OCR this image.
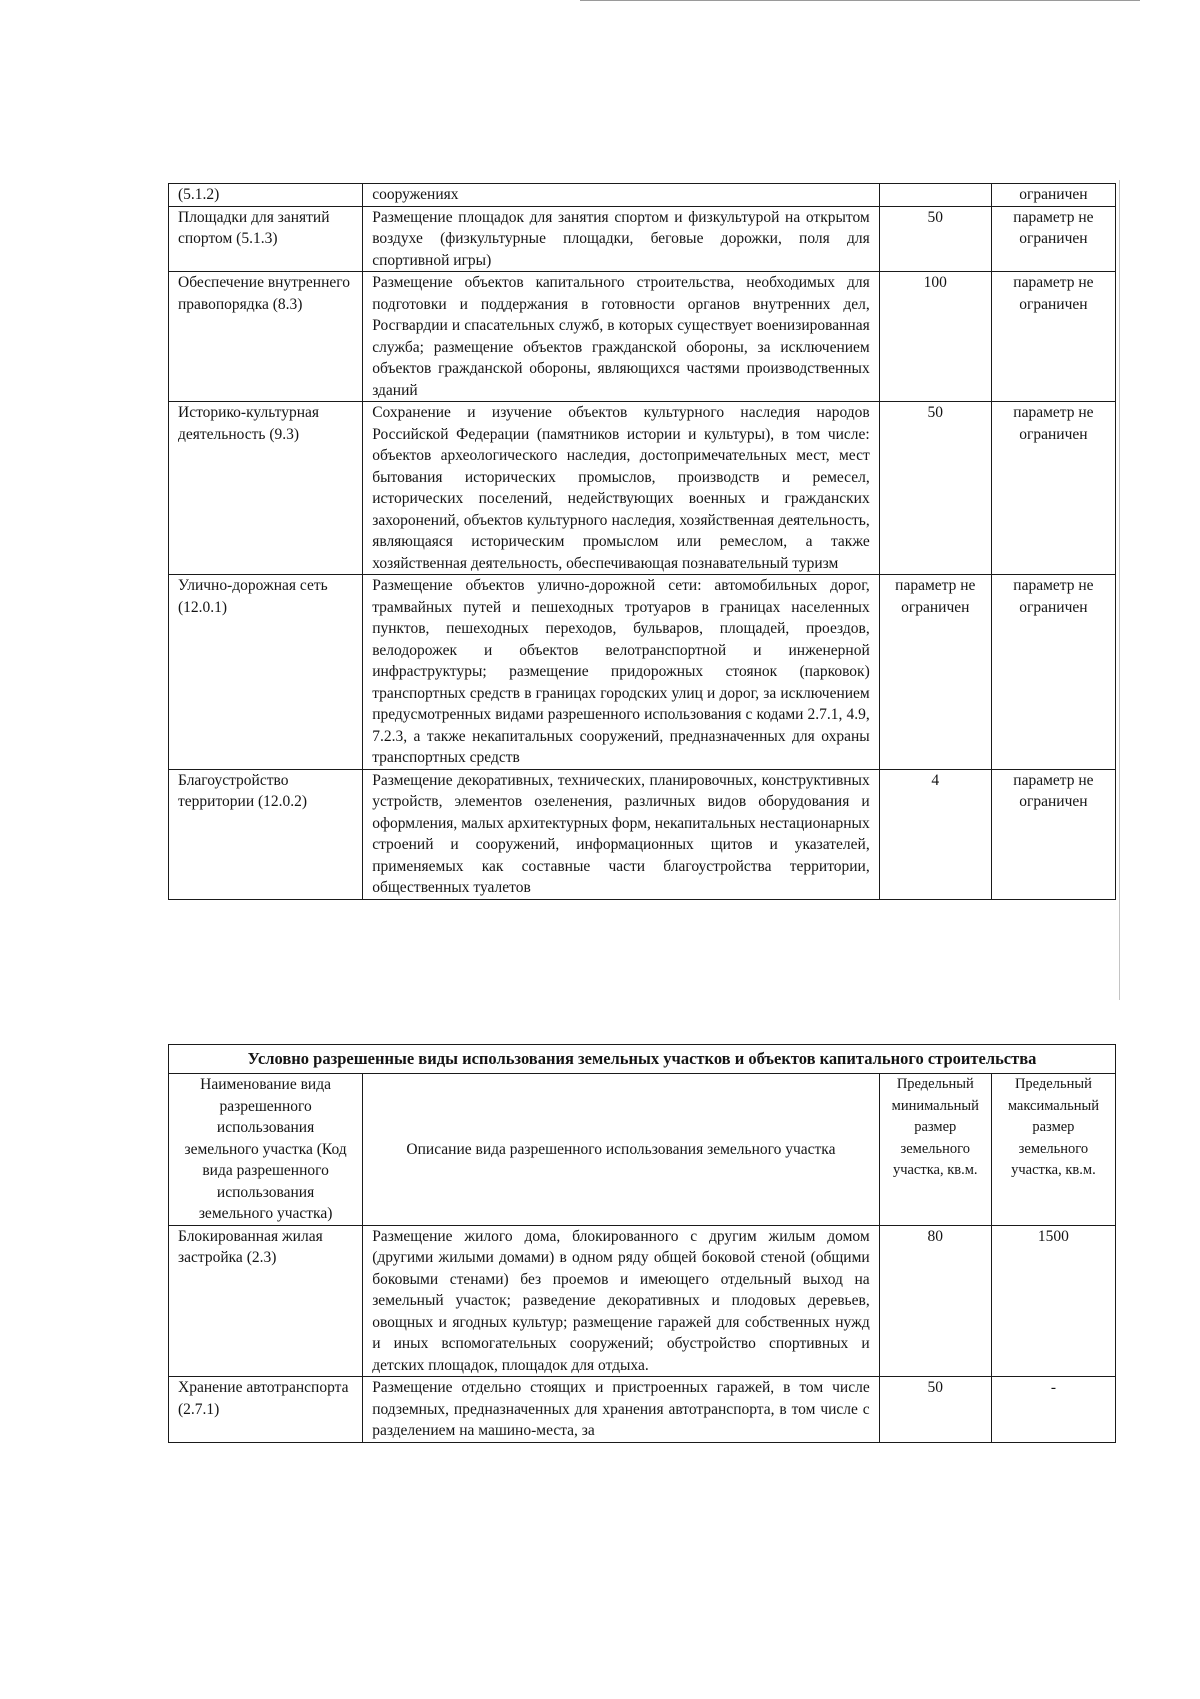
(5.1.2)	сооружениях		ограничен
Площадки для занятий спортом (5.1.3)	Размещение площадок для занятия спортом и физкультурой на открытом воздухе (физкультурные площадки, беговые дорожки, поля для спортивной игры)	50	параметр не ограничен
Обеспечение внутреннего правопорядка (8.3)	Размещение объектов капитального строительства, необходимых для подготовки и поддержания в готовности органов внутренних дел, Росгвардии и спасательных служб, в которых существует военизированная служба; размещение объектов гражданской обороны, за исключением объектов гражданской обороны, являющихся частями производственных зданий	100	параметр не ограничен
Историко-культурная деятельность (9.3)	Сохранение и изучение объектов культурного наследия народов Российской Федерации (памятников истории и культуры), в том числе: объектов археологического наследия, достопримечательных мест, мест бытования исторических промыслов, производств и ремесел, исторических поселений, недействующих военных и гражданских захоронений, объектов культурного наследия, хозяйственная деятельность, являющаяся историческим промыслом или ремеслом, а также хозяйственная деятельность, обеспечивающая познавательный туризм	50	параметр не ограничен
Улично-дорожная сеть (12.0.1)	Размещение объектов улично-дорожной сети: автомобильных дорог, трамвайных путей и пешеходных тротуаров в границах населенных пунктов, пешеходных переходов, бульваров, площадей, проездов, велодорожек и объектов велотранспортной и инженерной инфраструктуры; размещение придорожных стоянок (парковок) транспортных средств в границах городских улиц и дорог, за исключением предусмотренных видами разрешенного использования с кодами 2.7.1, 4.9, 7.2.3, а также некапитальных сооружений, предназначенных для охраны транспортных средств	параметр не ограничен	параметр не ограничен
Благоустройство территории (12.0.2)	Размещение декоративных, технических, планировочных, конструктивных устройств, элементов озеленения, различных видов оборудования и оформления, малых архитектурных форм, некапитальных нестационарных строений и сооружений, информационных щитов и указателей, применяемых как составные части благоустройства территории, общественных туалетов	4	параметр не ограничен
Условно разрешенные виды использования земельных участков и объектов капитального строительства			
Наименование вида разрешенного использования земельного участка (Код вида разрешенного использования земельного участка)	Описание вида разрешенного использования земельного участка	Предельный минимальный размер земельного участка, кв.м.	Предельный максимальный размер земельного участка, кв.м.
Блокированная жилая застройка (2.3)	Размещение жилого дома, блокированного с другим жилым домом (другими жилыми домами) в одном ряду общей боковой стеной (общими боковыми стенами) без проемов и имеющего отдельный выход на земельный участок; разведение декоративных и плодовых деревьев, овощных и ягодных культур; размещение гаражей для собственных нужд и иных вспомогательных сооружений; обустройство спортивных и детских площадок, площадок для отдыха.	80	1500
Хранение автотранспорта (2.7.1)	Размещение отдельно стоящих и пристроенных гаражей, в том числе подземных, предназначенных для хранения автотранспорта, в том числе с разделением на машино-места, за	50	-
